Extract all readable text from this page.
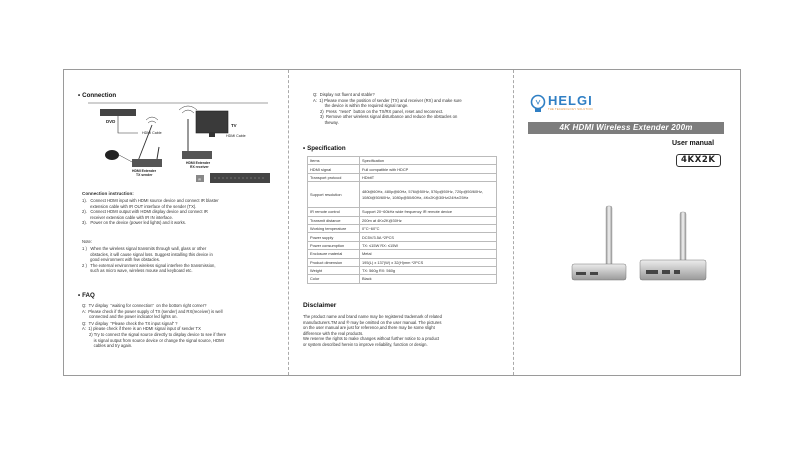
• Connection
DVD
HDMI Cable
HDMI Extender
TX sender
TV
HDMI Cable
HDMI Extender
RX receiver
IR
Connection instruction:
1).   Connect HDMI input with HDMI source device and connect IR blaster
extension cable with IR OUT interface of the sender (TX).
2).   Connect HDMI output with HDMI display device and connect IR
receiver extension cable with IR IN interface.
3).   Power on the device (power led lights) and it works.
Note:
1 )   When the wireless signal transmits through wall, glass or other
obstacles, it will cause signal loss. Suggest installing this device in
good environment with few obstacles.
2 )   The external environment wireless signal interfere the transmission,
such as micro wave, wireless mouse and keyboard etc.
• FAQ
Q:  TV display  “waiting for connection”  on the bottom right corner?
A:  Please check if the power supply of TX (sender) and RX(receiver) is well
connected and the power indicator led lights on.
Q:  TV display  “Please check the TX input signal” ?
A:  1) please check if there is an HDMI signal input of sender TX
2) Try to connect the signal source directly to display device to see if there
is signal output from source device or change the signal source, HDMI
cables and try again.
Q:  Display not fluent and stable?
A:  1) Please move the position of sender (TX) and receiver (RX) and make sure
the device is within the required signal range.
2)  Press  “reset”  button on the TX/RX panel, reset and reconnect.
3)  Remove other wireless signal disturbance and reduce the obstacles on
theway.
• Specification
Items	Specification
HDMI signal	Full compatible with HDCP
Transport protocol	HDbitT
Support resolution	480i@60Hz, 480p@60Hz, 576i@50Hz, 576p@50Hz, 720p@50/60Hz, 1080i@50/60Hz, 1080p@50/60Hz, 4Kx2K@30Hz/24Hz/25Hz
IR remote control	Support 20~60kHz wide frequency IR remote device
Transmit distance	200m at 4Kx2K@30Hz
Working temperature	0°C~60°C
Power supply	DC5V/3.5A *2PCS
Power consumption	TX: ≤15W RX: ≤15W
Enclosure material	Metal
Product dimension	195(L) x 137(W) x 32(H)mm *2PCS
Weight	TX: 560g RX: 560g
Color	Black
Disclaimer
The product name and brand name may be registered trademark of related
manufacturers.TM and ® may be omitted on the user manual. The pictures
on the user manual are just for reference,and there may be some slight
difference with the real products.
We reserve the rights to make changes without further notice to a product
or system described herein to improve reliability, function or design.
HELGI
THE TECHNOLOGY SOLUTION
4K HDMI Wireless Extender 200m
User manual
4KX2K
